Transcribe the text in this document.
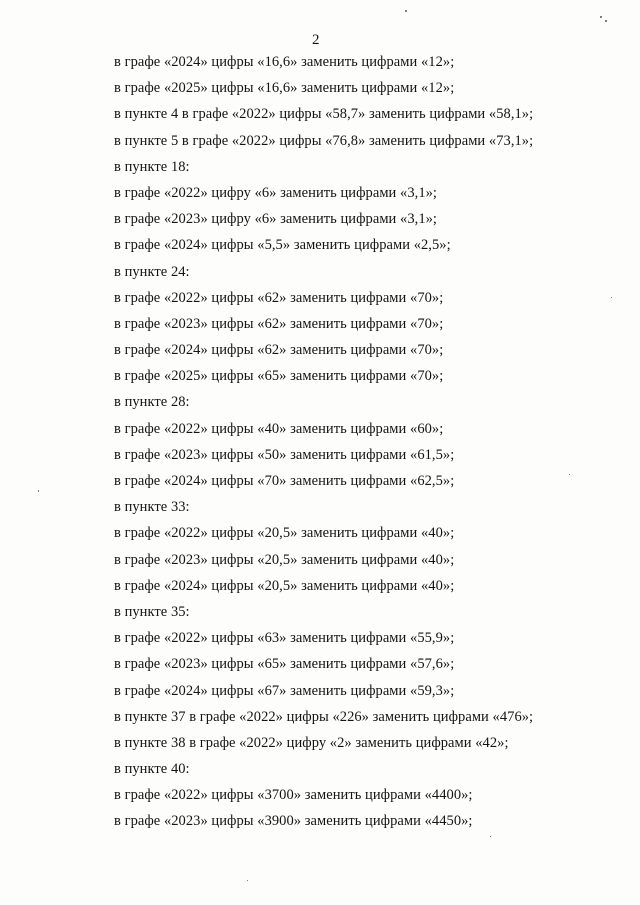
2
в графе «2024» цифры «16,6» заменить цифрами «12»;
в графе «2025» цифры «16,6» заменить цифрами «12»;
в пункте 4 в графе «2022» цифры «58,7» заменить цифрами «58,1»;
в пункте 5 в графе «2022» цифры «76,8» заменить цифрами «73,1»;
в пункте 18:
в графе «2022» цифру «6» заменить цифрами «3,1»;
в графе «2023» цифру «6» заменить цифрами «3,1»;
в графе «2024» цифры «5,5» заменить цифрами «2,5»;
в пункте 24:
в графе «2022» цифры «62» заменить цифрами «70»;
в графе «2023» цифры «62» заменить цифрами «70»;
в графе «2024» цифры «62» заменить цифрами «70»;
в графе «2025» цифры «65» заменить цифрами «70»;
в пункте 28:
в графе «2022» цифры «40» заменить цифрами «60»;
в графе «2023» цифры «50» заменить цифрами «61,5»;
в графе «2024» цифры «70» заменить цифрами «62,5»;
в пункте 33:
в графе «2022» цифры «20,5» заменить цифрами «40»;
в графе «2023» цифры «20,5» заменить цифрами «40»;
в графе «2024» цифры «20,5» заменить цифрами «40»;
в пункте 35:
в графе «2022» цифры «63» заменить цифрами «55,9»;
в графе «2023» цифры «65» заменить цифрами «57,6»;
в графе «2024» цифры «67» заменить цифрами «59,3»;
в пункте 37 в графе «2022» цифры «226» заменить цифрами «476»;
в пункте 38 в графе «2022» цифру «2» заменить цифрами «42»;
в пункте 40:
в графе «2022» цифры «3700» заменить цифрами «4400»;
в графе «2023» цифры «3900» заменить цифрами «4450»;
